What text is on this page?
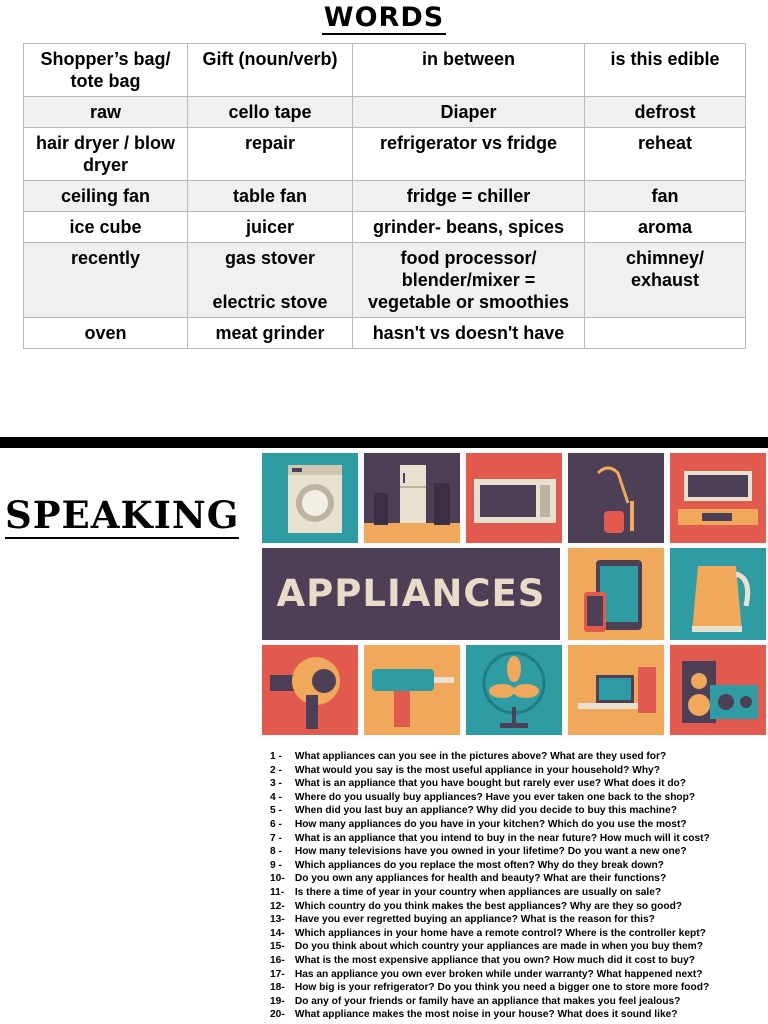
WORDS
Shopper’s bag/
tote bag	Gift (noun/verb)	in between	is this edible

raw	cello tape	Diaper	defrost

hair dryer / blow
dryer	repair	refrigerator vs fridge	reheat

ceiling fan	table fan	fridge = chiller	fan

ice cube	juicer	grinder- beans, spices	aroma

recently	gas stover
electric stove	food processor/
blender/mixer =
vegetable or smoothies	chimney/
exhaust

oven	meat grinder	hasn't vs doesn't have	

SPEAKING
APPLIANCES
1 - What appliances can you see in the pictures above? What are they used for?
2 - What would you say is the most useful appliance in your household? Why?
3 - What is an appliance that you have bought but rarely ever use? What does it do?
4 - Where do you usually buy appliances? Have you ever taken one back to the shop?
5 - When did you last buy an appliance? Why did you decide to buy this machine?
6 - How many appliances do you have in your kitchen? Which do you use the most?
7 - What is an appliance that you intend to buy in the near future? How much will it cost?
8 - How many televisions have you owned in your lifetime? Do you want a new one?
9 - Which appliances do you replace the most often? Why do they break down?
10- Do you own any appliances for health and beauty? What are their functions?
11- Is there a time of year in your country when appliances are usually on sale?
12- Which country do you think makes the best appliances? Why are they so good?
13- Have you ever regretted buying an appliance? What is the reason for this?
14- Which appliances in your home have a remote control? Where is the controller kept?
15- Do you think about which country your appliances are made in when you buy them?
16- What is the most expensive appliance that you own? How much did it cost to buy?
17- Has an appliance you own ever broken while under warranty? What happened next?
18- How big is your refrigerator? Do you think you need a bigger one to store more food?
19- Do any of your friends or family have an appliance that makes you feel jealous?
20- What appliance makes the most noise in your house? What does it sound like?
